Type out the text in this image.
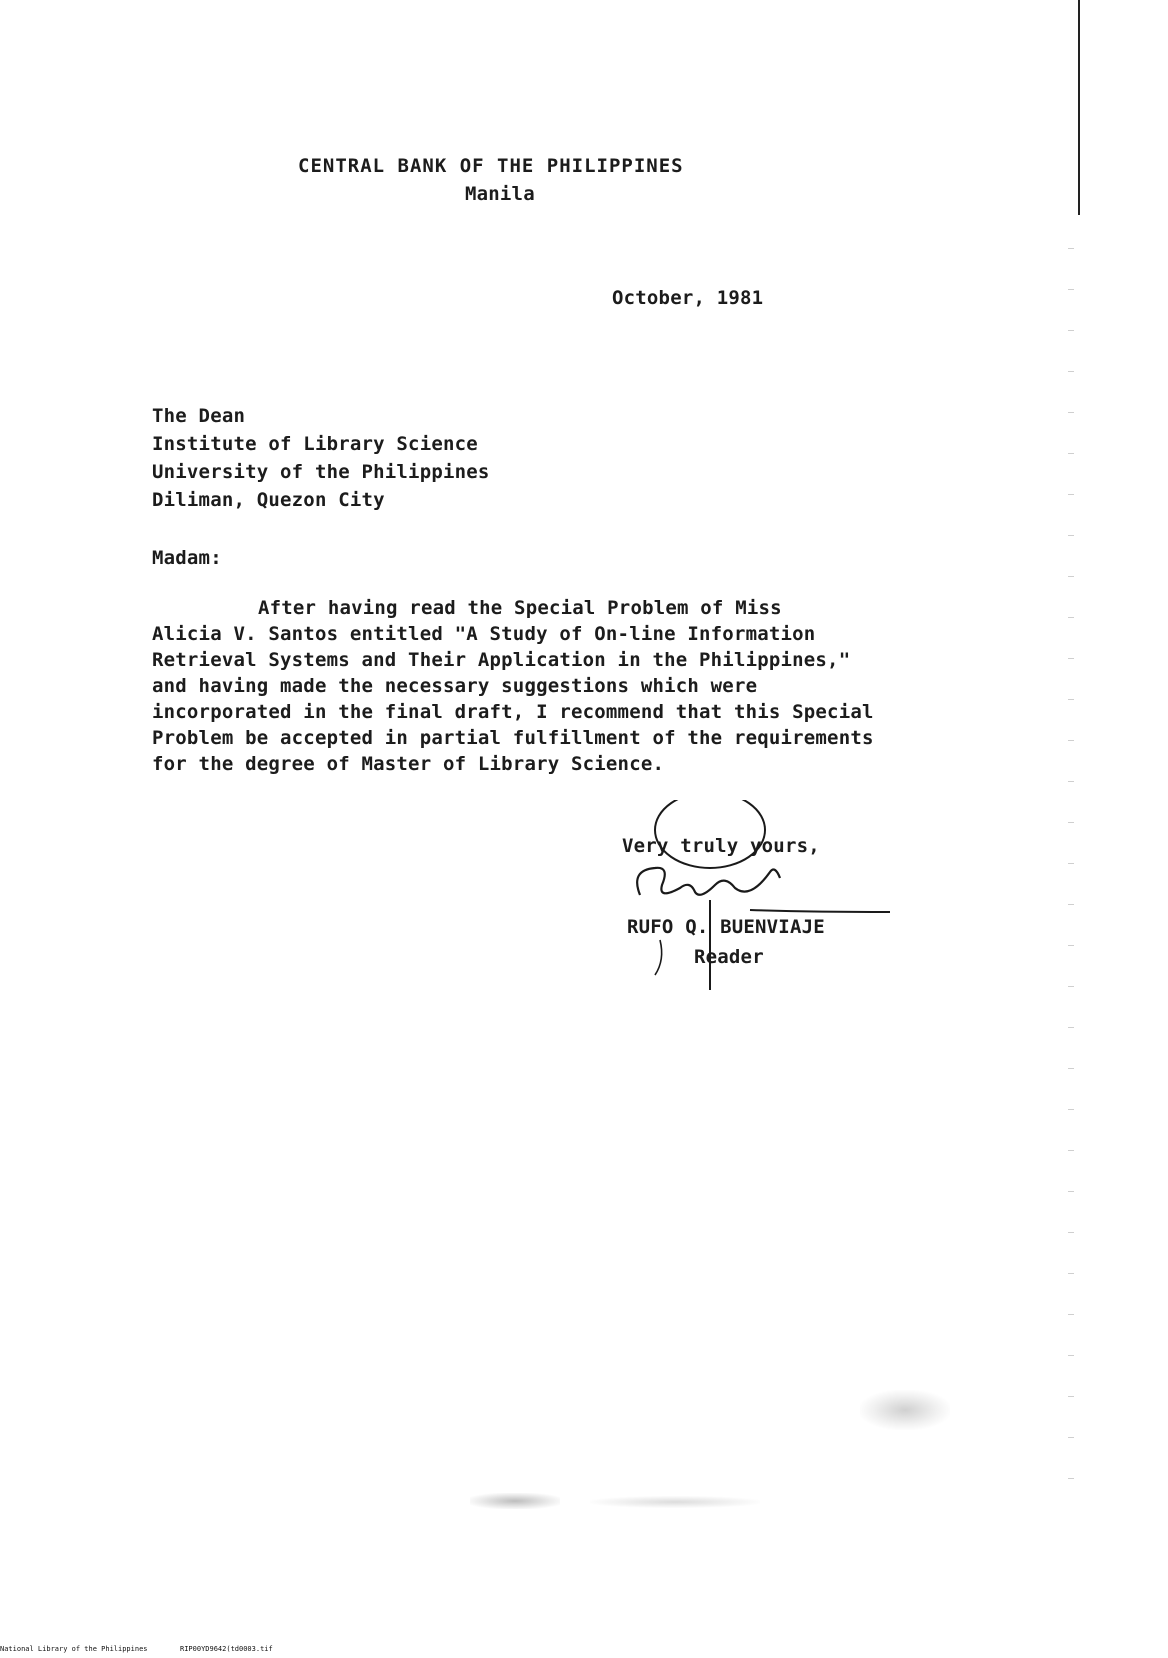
CENTRAL BANK OF THE PHILIPPINES
Manila
October, 1981
The Dean
Institute of Library Science
University of the Philippines
Diliman, Quezon City
Madam:
After having read the Special Problem of Miss
Alicia V. Santos entitled "A Study of On-line Information
Retrieval Systems and Their Application in the Philippines,"
and having made the necessary suggestions which were
incorporated in the final draft, I recommend that this Special
Problem be accepted in partial fulfillment of the requirements
for the degree of Master of Library Science.
Very truly yours,
RUFO Q. BUENVIAJE
Reader
National Library of the Philippines	RIP00YD9642(td0003.tif
